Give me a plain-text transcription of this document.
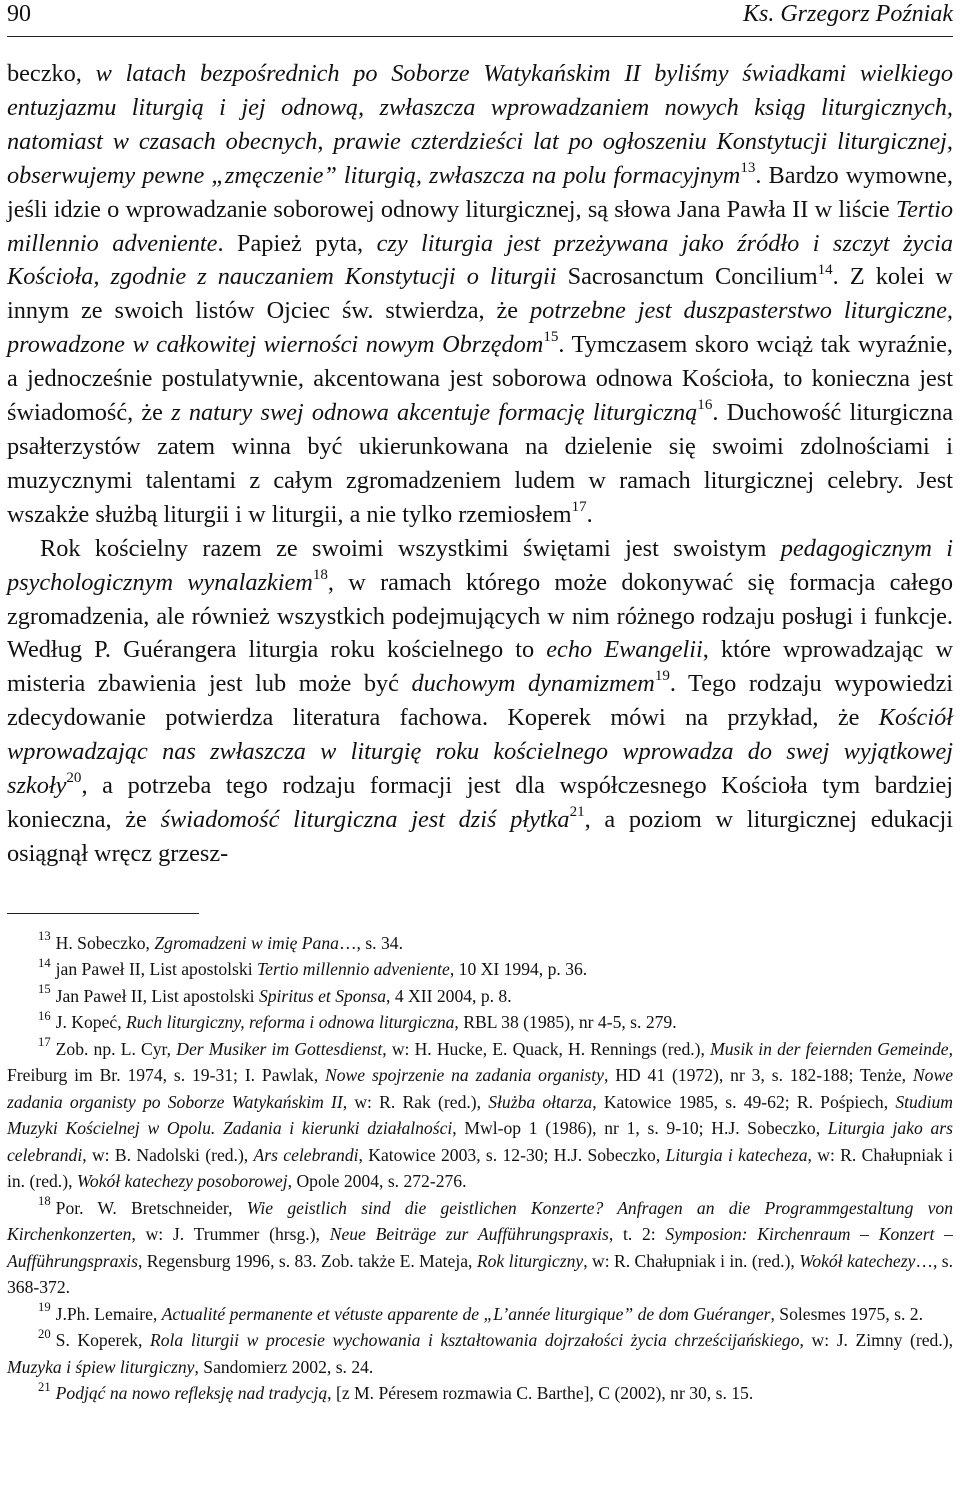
90	Ks. Grzegorz Poźniak

beczko, w latach bezpośrednich po Soborze Watykańskim II byliśmy świadkami wielkiego entuzjazmu liturgią i jej odnową, zwłaszcza wprowadzaniem nowych ksiąg liturgicznych, natomiast w czasach obecnych, prawie czterdzieści lat po ogłoszeniu Konstytucji liturgicznej, obserwujemy pewne „zmęczenie” liturgią, zwłaszcza na polu formacyjnym$^{13}$. Bardzo wymowne, jeśli idzie o wprowadzanie soborowej odnowy liturgicznej, są słowa Jana Pawła II w liście Tertio millennio adveniente. Papież pyta, czy liturgia jest przeżywana jako źródło i szczyt życia Kościoła, zgodnie z nauczaniem Konstytucji o liturgii Sacrosanctum Concilium$^{14}$. Z kolei w innym ze swoich listów Ojciec św. stwierdza, że potrzebne jest duszpasterstwo liturgiczne, prowadzone w całkowitej wierności nowym Obrzędom$^{15}$. Tymczasem skoro wciąż tak wyraźnie, a jednocześnie postulatywnie, akcentowana jest soborowa odnowa Kościoła, to konieczna jest świadomość, że z natury swej odnowa akcentuje formację liturgiczną$^{16}$. Duchowość liturgiczna psałterzystów zatem winna być ukierunkowana na dzielenie się swoimi zdolnościami i muzycznymi talentami z całym zgromadzeniem ludem w ramach liturgicznej celebry. Jest wszakże służbą liturgii i w liturgii, a nie tylko rzemiosłem$^{17}$.

Rok kościelny razem ze swoimi wszystkimi świętami jest swoistym pedagogicznym i psychologicznym wynalazkiem$^{18}$, w ramach którego może dokonywać się formacja całego zgromadzenia, ale również wszystkich podejmujących w nim różnego rodzaju posługi i funkcje. Według P. Guérangera liturgia roku kościelnego to echo Ewangelii, które wprowadzając w misteria zbawienia jest lub może być duchowym dynamizmem$^{19}$. Tego rodzaju wypowiedzi zdecydowanie potwierdza literatura fachowa. Koperek mówi na przykład, że Kościół wprowadzając nas zwłaszcza w liturgię roku kościelnego wprowadza do swej wyjątkowej szkoły$^{20}$, a potrzeba tego rodzaju formacji jest dla współczesnego Kościoła tym bardziej konieczna, że świadomość liturgiczna jest dziś płytka$^{21}$, a poziom w liturgicznej edukacji osiągnął wręcz grzesz-

$^{13}$ H. Sobeczko, Zgromadzeni w imię Pana…, s. 34.

$^{14}$ jan Paweł II, List apostolski Tertio millennio adveniente, 10 XI 1994, p. 36.

$^{15}$ Jan Paweł II, List apostolski Spiritus et Sponsa, 4 XII 2004, p. 8.

$^{16}$ J. Kopeć, Ruch liturgiczny, reforma i odnowa liturgiczna, RBL 38 (1985), nr 4-5, s. 279.

$^{17}$ Zob. np. L. Cyr, Der Musiker im Gottesdienst, w: H. Hucke, E. Quack, H. Rennings (red.), Musik in der feiernden Gemeinde, Freiburg im Br. 1974, s. 19-31; I. Pawlak, Nowe spojrzenie na zadania organisty, HD 41 (1972), nr 3, s. 182-188; Tenże, Nowe zadania organisty po Soborze Watykańskim II, w: R. Rak (red.), Służba ołtarza, Katowice 1985, s. 49-62; R. Pośpiech, Studium Muzyki Kościelnej w Opolu. Zadania i kierunki działalności, Mwl-op 1 (1986), nr 1, s. 9-10; H.J. Sobeczko, Liturgia jako ars celebrandi, w: B. Nadolski (red.), Ars celebrandi, Katowice 2003, s. 12-30; H.J. Sobeczko, Liturgia i katecheza, w: R. Chałupniak i in. (red.), Wokół katechezy posoborowej, Opole 2004, s. 272-276.

$^{18}$ Por. W. Bretschneider, Wie geistlich sind die geistlichen Konzerte? Anfragen an die Programmgestaltung von Kirchenkonzerten, w: J. Trummer (hrsg.), Neue Beiträge zur Aufführungspraxis, t. 2: Symposion: Kirchenraum – Konzert – Aufführungspraxis, Regensburg 1996, s. 83. Zob. także E. Mateja, Rok liturgiczny, w: R. Chałupniak i in. (red.), Wokół katechezy…, s. 368-372.

$^{19}$ J.Ph. Lemaire, Actualité permanente et vétuste apparente de „L’année liturgique” de dom Guéranger, Solesmes 1975, s. 2.

$^{20}$ S. Koperek, Rola liturgii w procesie wychowania i kształtowania dojrzałości życia chrześcijańskiego, w: J. Zimny (red.), Muzyka i śpiew liturgiczny, Sandomierz 2002, s. 24.

$^{21}$ Podjąć na nowo refleksję nad tradycją, [z M. Péresem rozmawia C. Barthe], C (2002), nr 30, s. 15.
